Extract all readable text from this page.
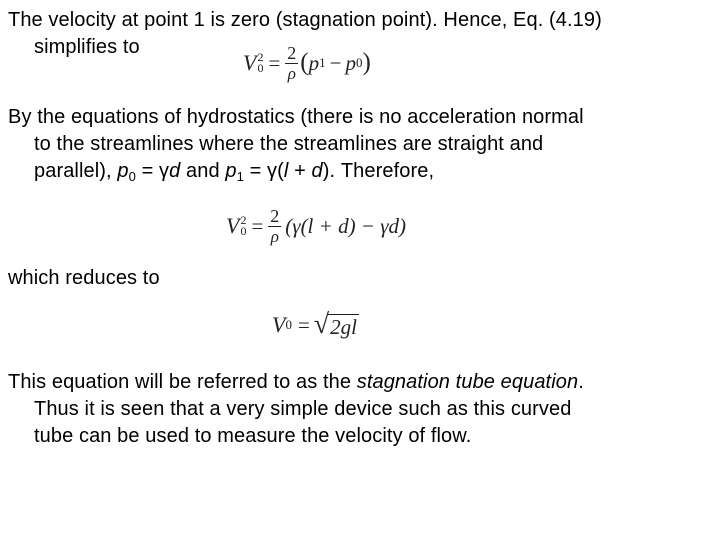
The velocity at point 1 is zero (stagnation point). Hence, Eq. (4.19)
simplifies to
V 2
$0 = \frac{2}{\rho}$ ( p 1 − p 0 )
By the equations of hydrostatics (there is no acceleration normal
to the streamlines where the streamlines are straight and
parallel), $p_0 = \gamma d$ and $p_1 = \gamma(l + d)$. Therefore,
V 2
$0 = \frac{2}{\rho} (\gamma(l + d) - \gamma d)$
which reduces to
V 0 = √ 2gl
This equation will be referred to as the stagnation tube equation.
Thus it is seen that a very simple device such as this curved
tube can be used to measure the velocity of flow.
